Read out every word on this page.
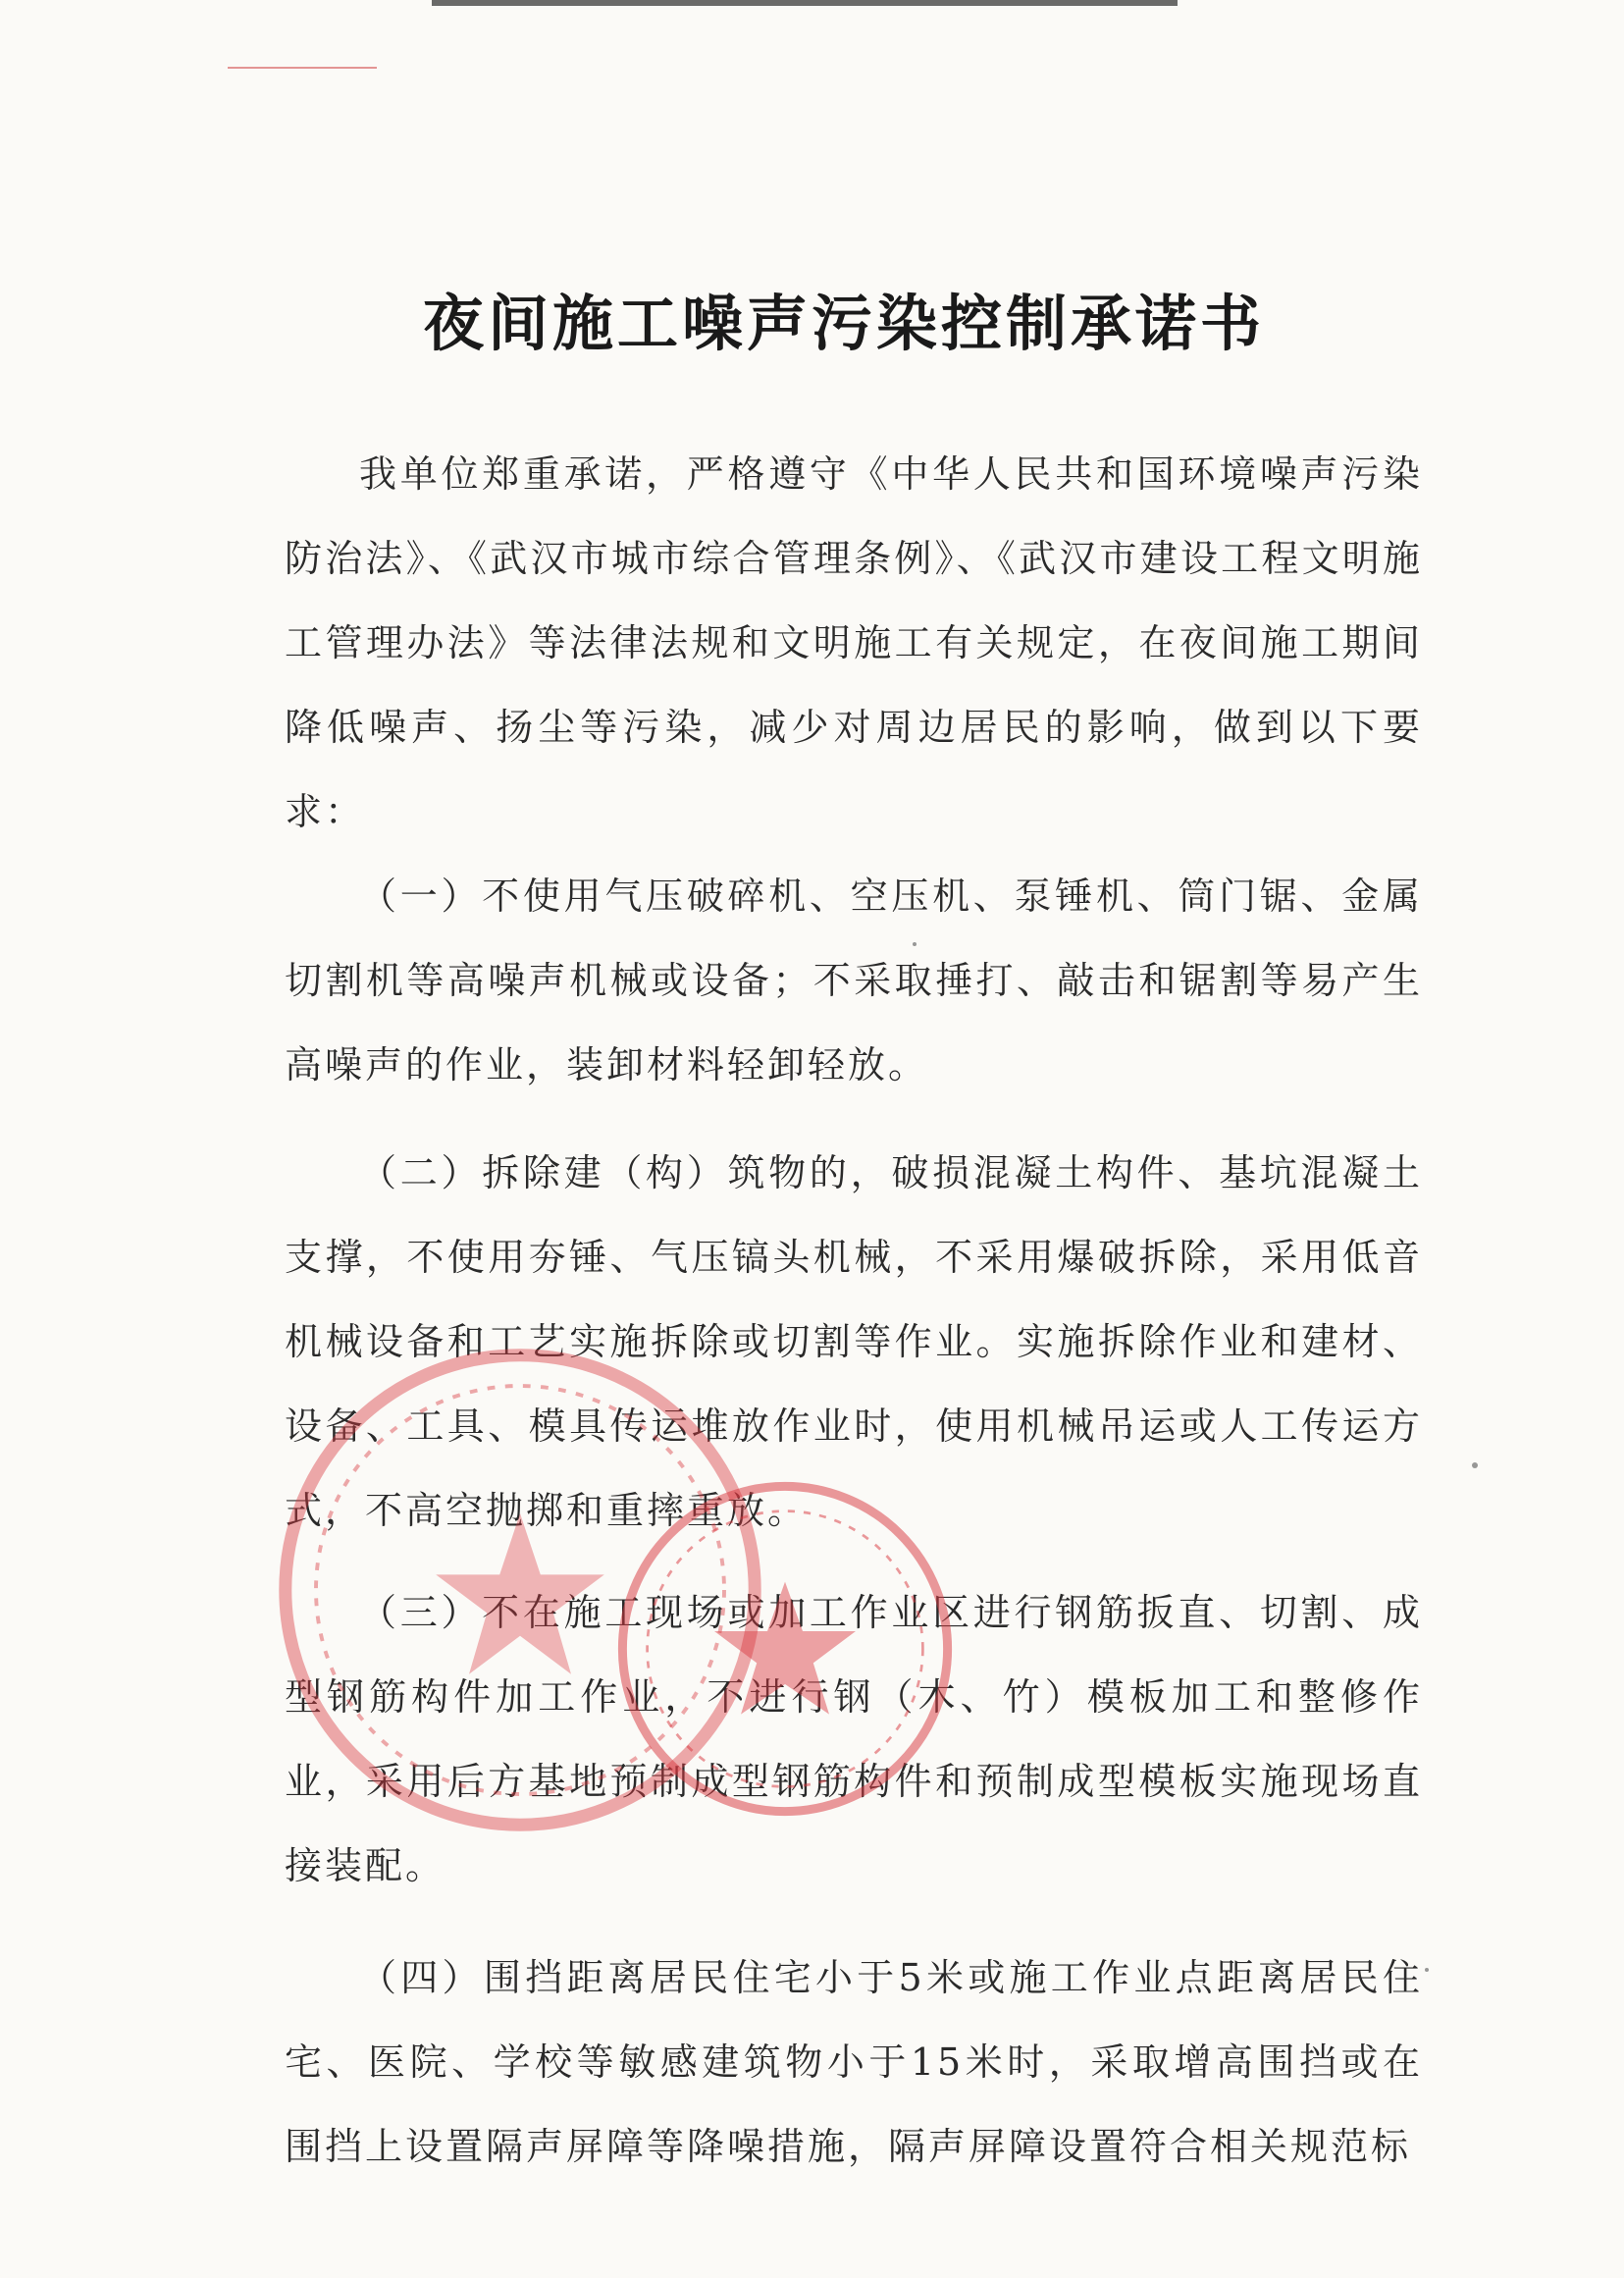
夜间施工噪声污染控制承诺书

我单位郑重承诺，严格遵守《中华人民共和国环境噪声污染防治法》、《武汉市城市综合管理条例》、《武汉市建设工程文明施工管理办法》等法律法规和文明施工有关规定，在夜间施工期间降低噪声、扬尘等污染，减少对周边居民的影响，做到以下要求：

（一）不使用气压破碎机、空压机、泵锤机、筒门锯、金属切割机等高噪声机械或设备；不采取捶打、敲击和锯割等易产生高噪声的作业，装卸材料轻卸轻放。

（二）拆除建（构）筑物的，破损混凝土构件、基坑混凝土支撑，不使用夯锤、气压镐头机械，不采用爆破拆除，采用低音机械设备和工艺实施拆除或切割等作业。实施拆除作业和建材、设备、工具、模具传运堆放作业时，使用机械吊运或人工传运方式，不高空抛掷和重摔重放。

（三）不在施工现场或加工作业区进行钢筋扳直、切割、成型钢筋构件加工作业，不进行钢（木、竹）模板加工和整修作业，采用后方基地预制成型钢筋构件和预制成型模板实施现场直接装配。

（四）围挡距离居民住宅小于5米或施工作业点距离居民住宅、医院、学校等敏感建筑物小于15米时，采取增高围挡或在围挡上设置隔声屏障等降噪措施，隔声屏障设置符合相关规范标
